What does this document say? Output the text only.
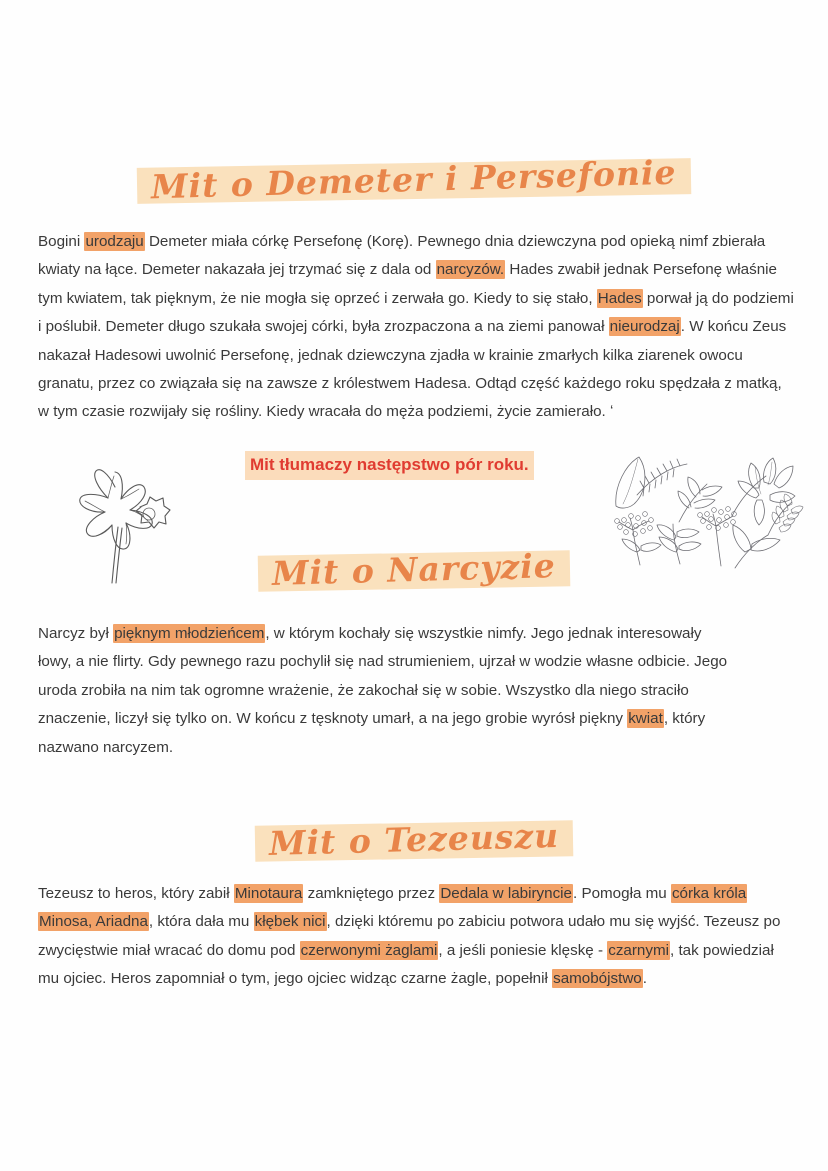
Mit o Demeter i Persefonie
Bogini urodzaju Demeter miała córkę Persefonę (Korę). Pewnego dnia dziewczyna pod opieką nimf zbierała kwiaty na łące. Demeter nakazała jej trzymać się z dala od narcyzów. Hades zwabił jednak Persefonę właśnie tym kwiatem, tak pięknym, że nie mogła się oprzeć i zerwała go. Kiedy to się stało, Hades porwał ją do podziemi i poślubił. Demeter długo szukała swojej córki, była zrozpaczona a na ziemi panował nieurodzaj. W końcu Zeus nakazał Hadesowi uwolnić Persefonę, jednak dziewczyna zjadła w krainie zmarłych kilka ziarenek owocu granatu, przez co związała się na zawsze z królestwem Hadesa. Odtąd część każdego roku spędzała z matką, w tym czasie rozwijały się rośliny. Kiedy wracała do męża podziemi, życie zamierało. ʻ
Mit tłumaczy następstwo pór roku.
Mit o Narcyzie
Narcyz był pięknym młodzieńcem, w którym kochały się wszystkie nimfy. Jego jednak interesowały łowy, a nie flirty. Gdy pewnego razu pochylił się nad strumieniem, ujrzał w wodzie własne odbicie. Jego uroda zrobiła na nim tak ogromne wrażenie, że zakochał się w sobie. Wszystko dla niego straciło znaczenie, liczył się tylko on. W końcu z tęsknoty umarł, a na jego grobie wyrósł piękny kwiat, który nazwano narcyzem.
Mit o Tezeuszu
Tezeusz to heros, który zabił Minotaura zamkniętego przez Dedala w labiryncie. Pomogła mu córka króla Minosa, Ariadna, która dała mu kłębek nici, dzięki któremu po zabiciu potwora udało mu się wyjść. Tezeusz po zwycięstwie miał wracać do domu pod czerwonymi żaglami, a jeśli poniesie klęskę - czarnymi, tak powiedział mu ojciec. Heros zapomniał o tym, jego ojciec widząc czarne żagle, popełnił samobójstwo.
